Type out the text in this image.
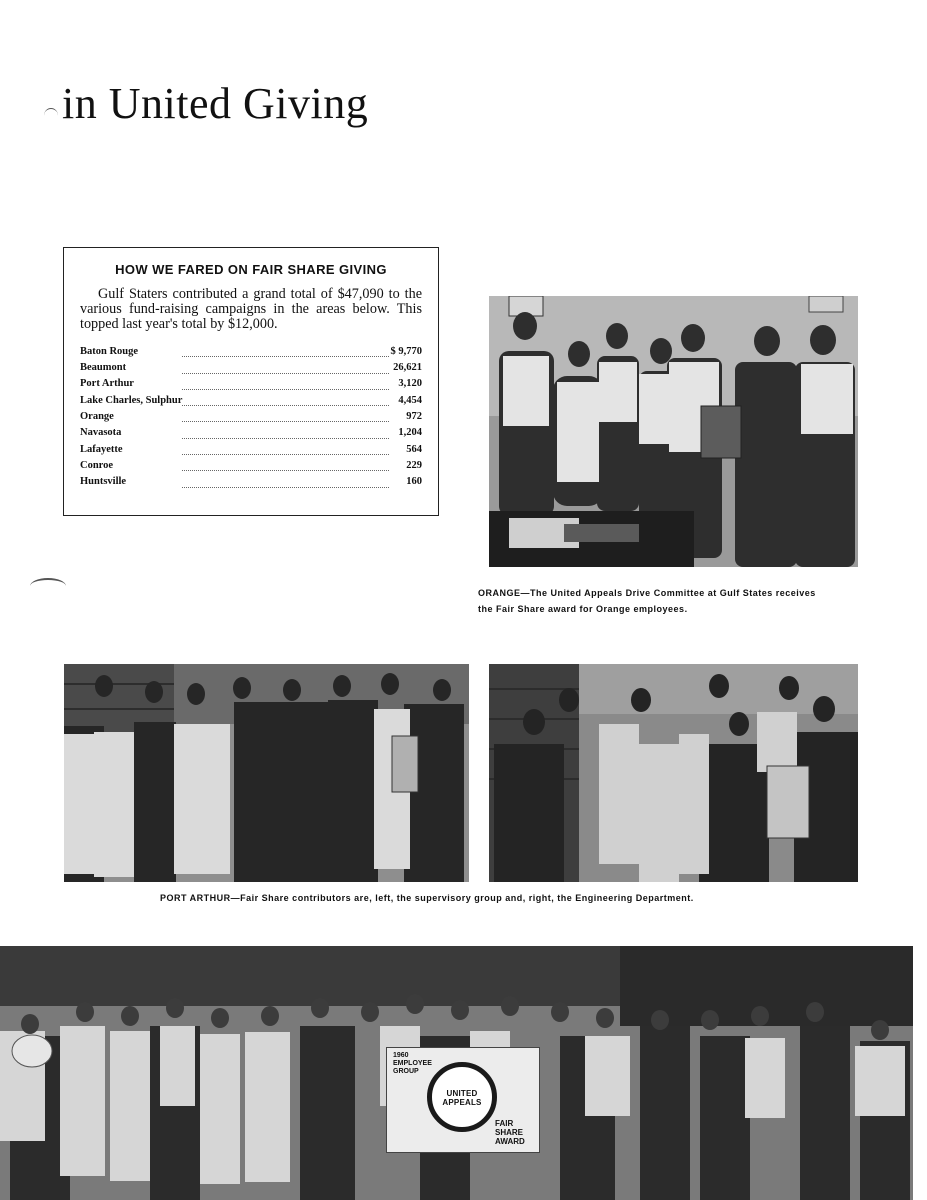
in United Giving

HOW WE FARED ON FAIR SHARE GIVING

Gulf Staters contributed a grand total of $47,090 to the various fund-raising campaigns in the areas below. This topped last year's total by $12,000.

Baton Rouge		$ 9,770
Beaumont		26,621
Port Arthur		3,120
Lake Charles, Sulphur		4,454
Orange		972
Navasota		1,204
Lafayette		564
Conroe		229
Huntsville		160

ORANGE—The United Appeals Drive Committee at Gulf States receives
the Fair Share award for Orange employees.

PORT ARTHUR—Fair Share contributors are, left, the supervisory group and, right, the Engineering Department.

1960 EMPLOYEE GROUP
UNITED APPEALS
FAIR SHARE AWARD
